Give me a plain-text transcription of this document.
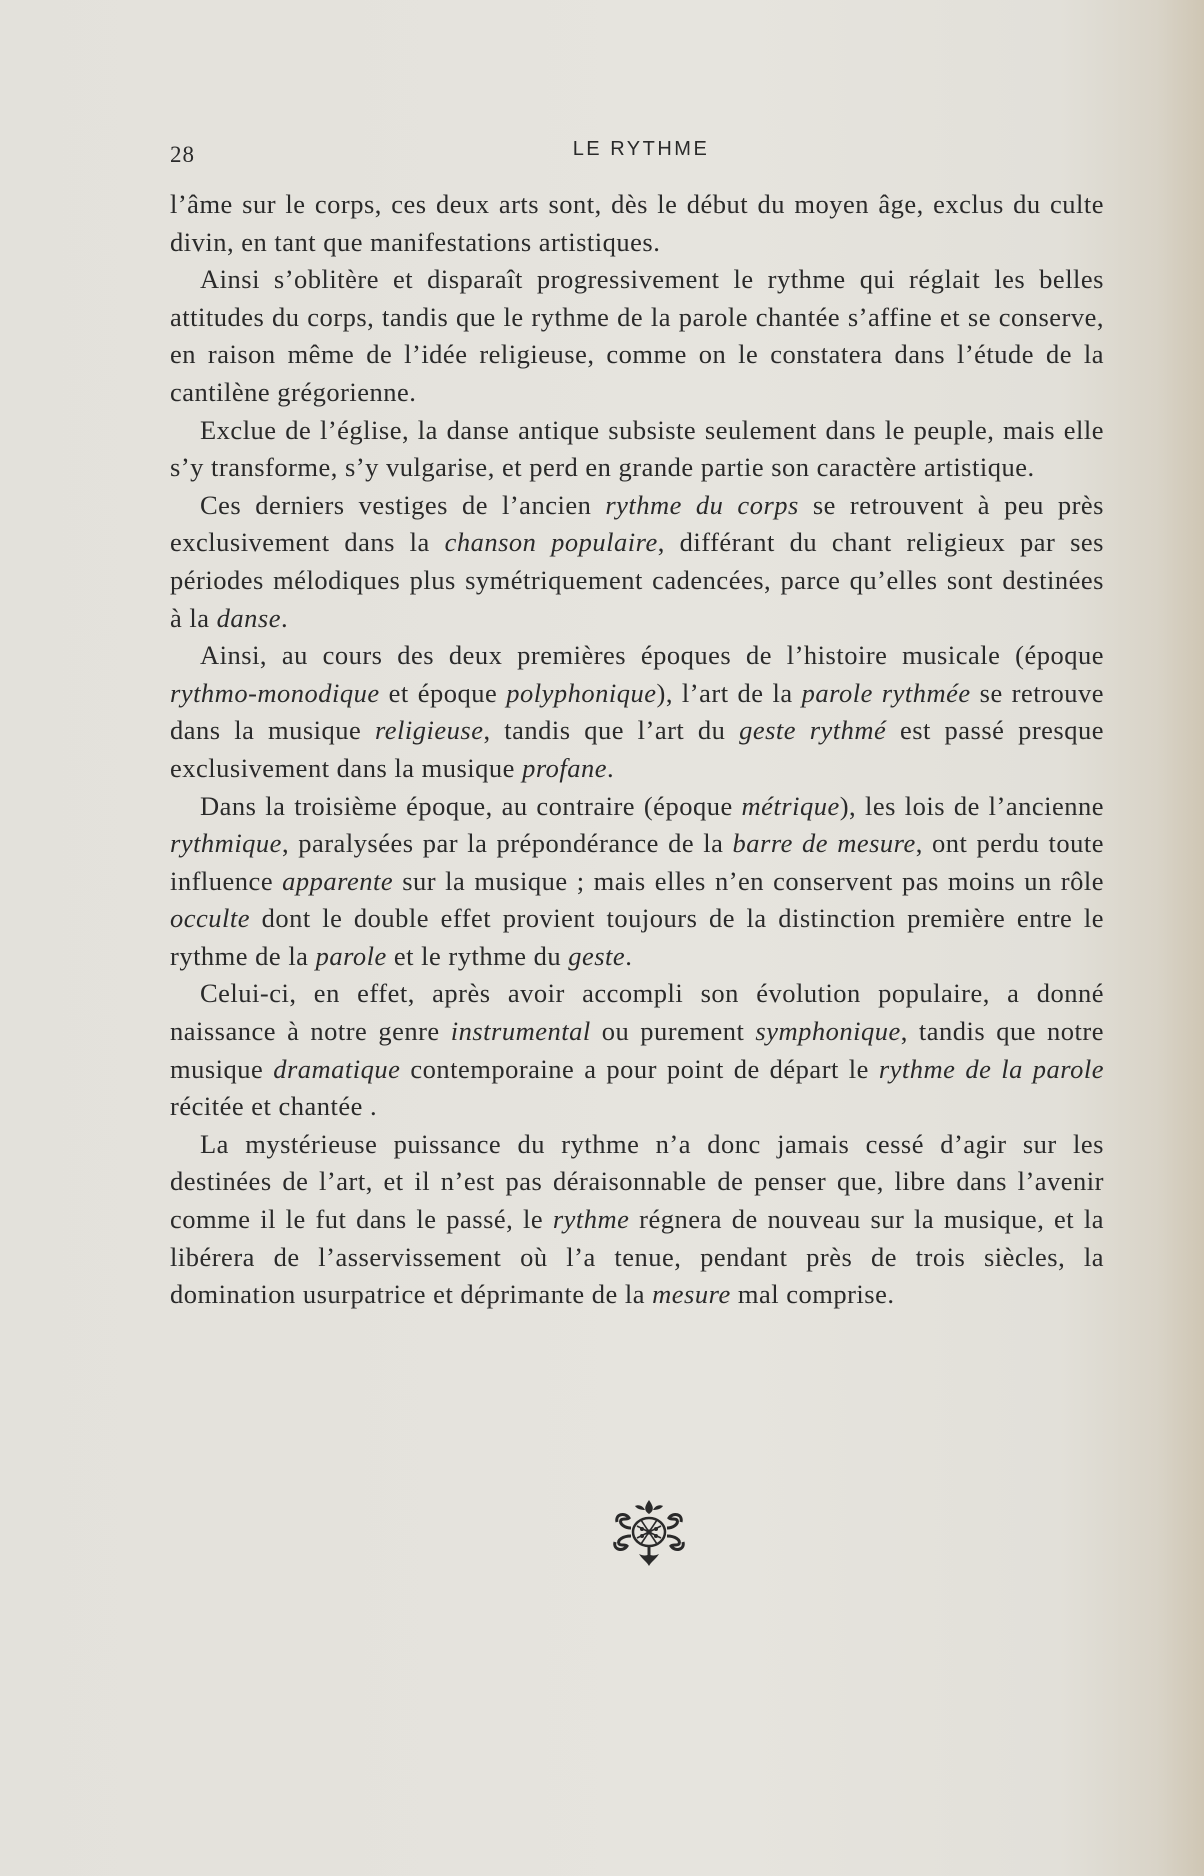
28	LE RYTHME

l’âme sur le corps, ces deux arts sont, dès le début du moyen âge, exclus du culte divin, en tant que manifestations artistiques.

Ainsi s’oblitère et disparaît progressivement le rythme qui réglait les belles attitudes du corps, tandis que le rythme de la parole chantée s’affine et se conserve, en raison même de l’idée religieuse, comme on le constatera dans l’étude de la cantilène grégorienne.

Exclue de l’église, la danse antique subsiste seulement dans le peuple, mais elle s’y transforme, s’y vulgarise, et perd en grande partie son caractère artistique.

Ces derniers vestiges de l’ancien rythme du corps se retrouvent à peu près exclusivement dans la chanson populaire, différant du chant religieux par ses périodes mélodiques plus symétriquement cadencées, parce qu’elles sont destinées à la danse.

Ainsi, au cours des deux premières époques de l’histoire musicale (époque rythmo-monodique et époque polyphonique), l’art de la parole rythmée se retrouve dans la musique religieuse, tandis que l’art du geste rythmé est passé presque exclusivement dans la musique profane.

Dans la troisième époque, au contraire (époque métrique), les lois de l’ancienne rythmique, paralysées par la prépondérance de la barre de mesure, ont perdu toute influence apparente sur la musique ; mais elles n’en conservent pas moins un rôle occulte dont le double effet provient toujours de la distinction première entre le rythme de la parole et le rythme du geste.

Celui-ci, en effet, après avoir accompli son évolution populaire, a donné naissance à notre genre instrumental ou purement symphonique, tandis que notre musique dramatique contemporaine a pour point de départ le rythme de la parole récitée et chantée .

La mystérieuse puissance du rythme n’a donc jamais cessé d’agir sur les destinées de l’art, et il n’est pas déraisonnable de penser que, libre dans l’avenir comme il le fut dans le passé, le rythme régnera de nouveau sur la musique, et la libérera de l’asservissement où l’a tenue, pendant près de trois siècles, la domination usurpatrice et déprimante de la mesure mal comprise.
